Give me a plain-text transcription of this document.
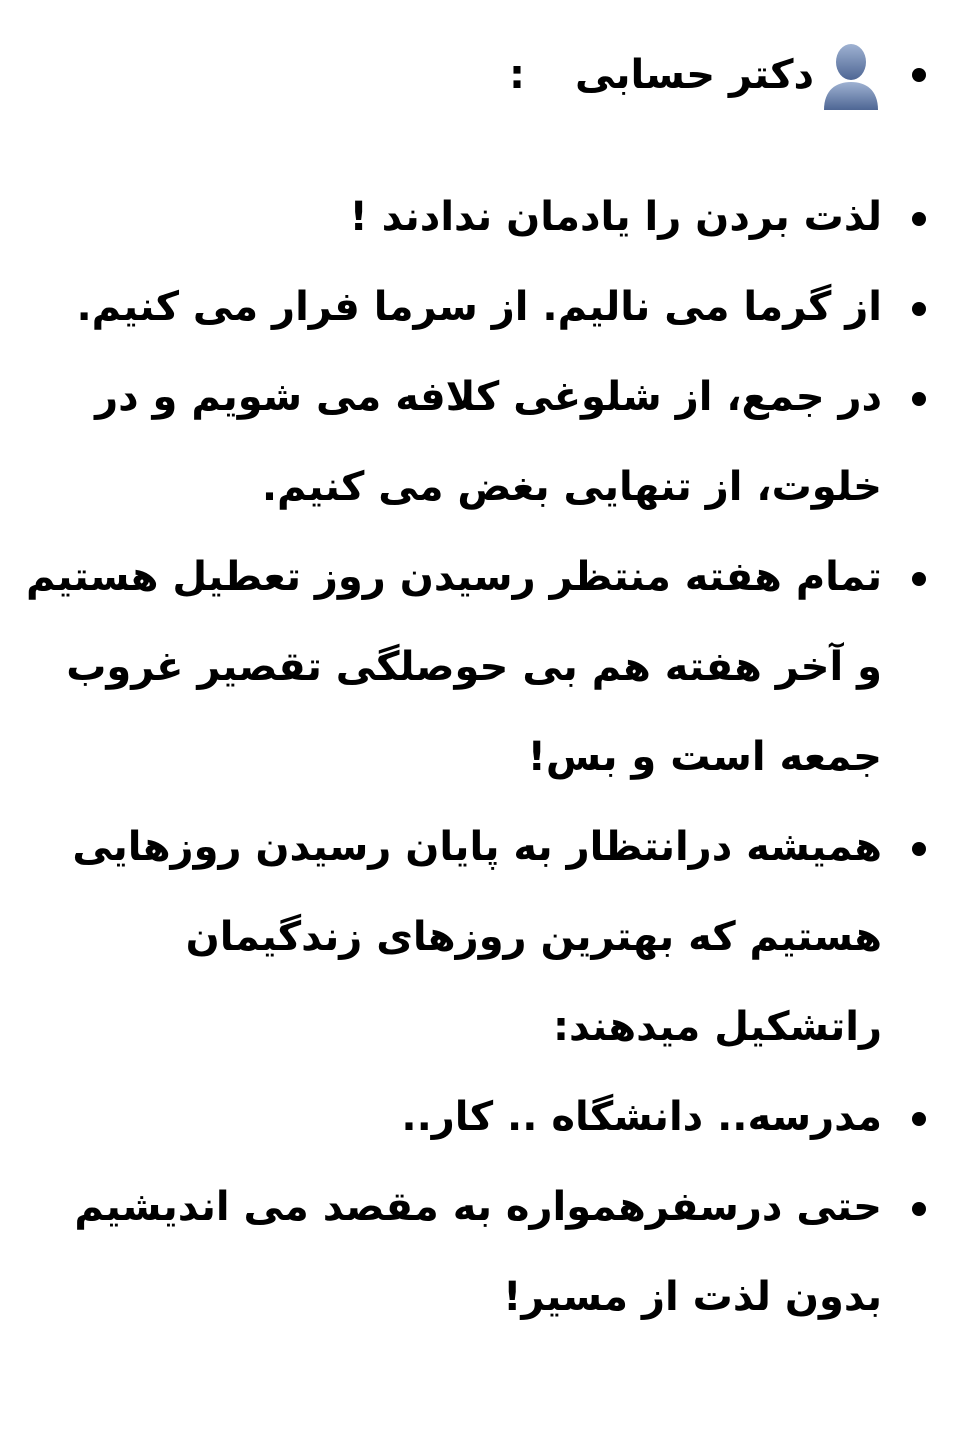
دکتر حسابی
:
لذت بردن را یادمان ندادند !
از گرما می نالیم. از سرما فرار می کنیم.
در جمع، از شلوغی کلافه می شویم و در خلوت، از تنهایی بغض می کنیم.
تمام هفته منتظر رسیدن روز تعطیل هستیم و آخر هفته هم بی حوصلگی تقصیر غروب جمعه است و بس!
همیشه درانتظار به پایان رسیدن روزهایی هستیم که بهترین روزهای زندگیمان راتشکیل میدهند:
مدرسه.. دانشگاه .. کار..
حتی درسفرهمواره به مقصد می اندیشیم بدون لذت از مسیر!
